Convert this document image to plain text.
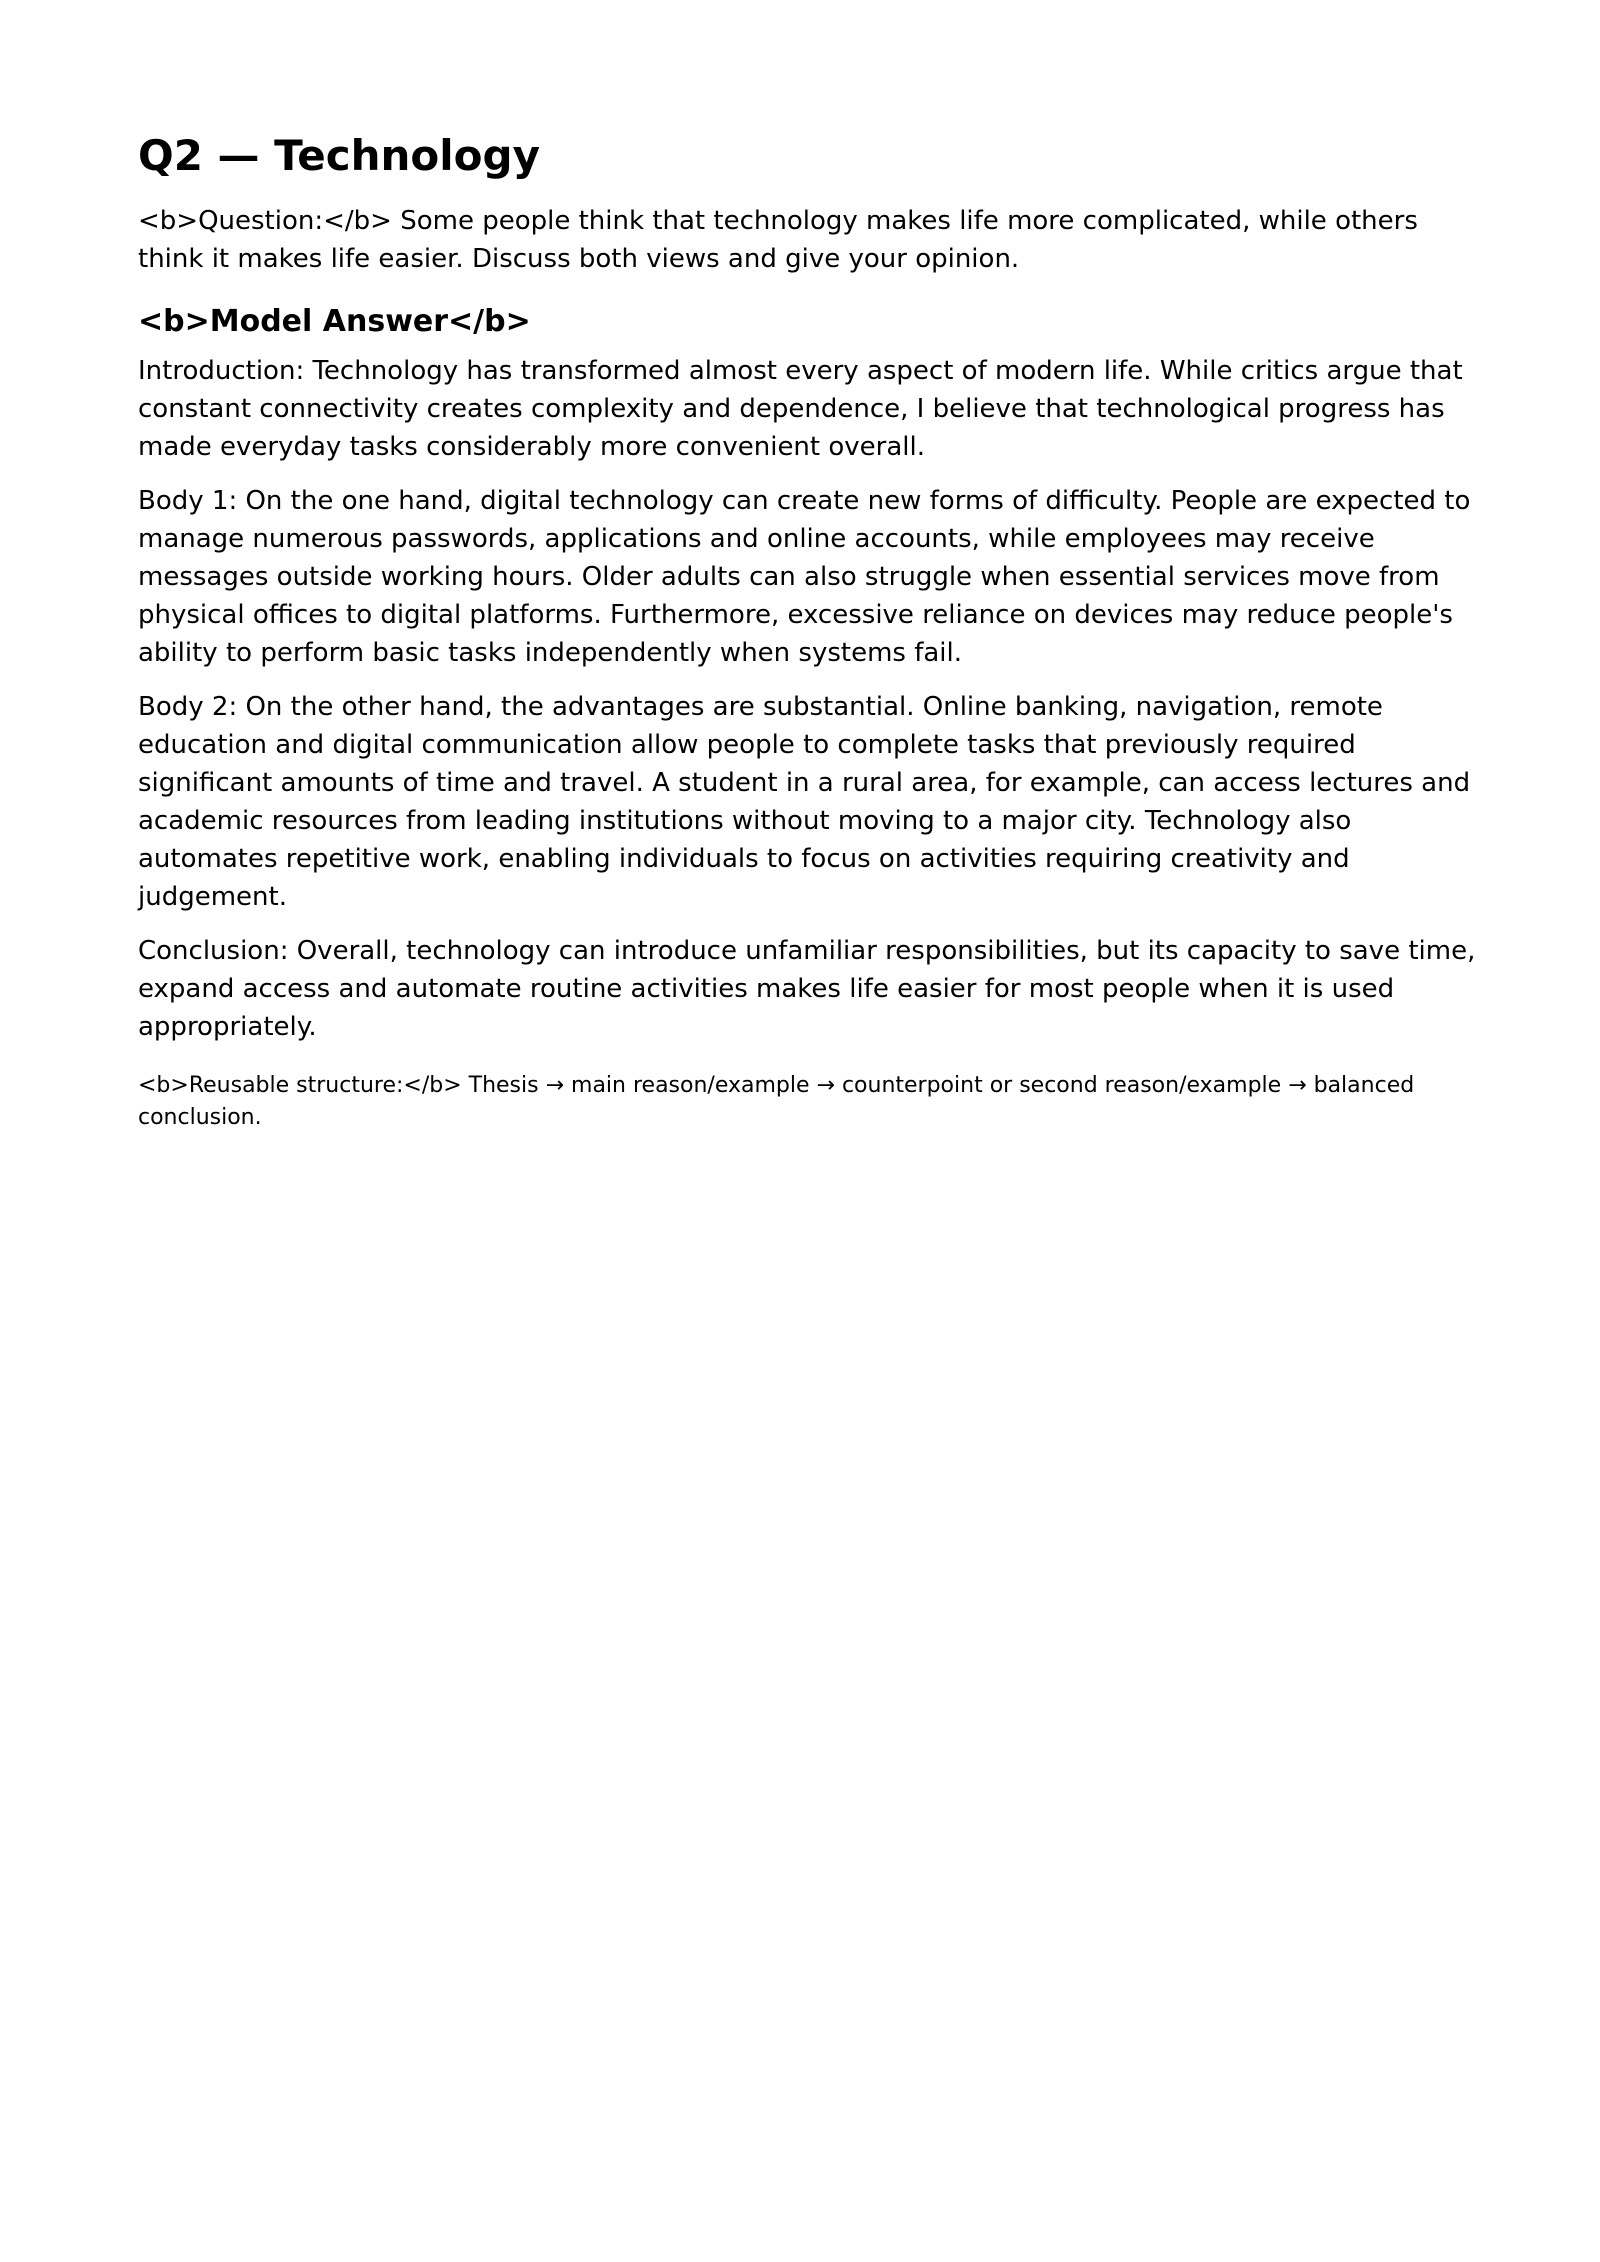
Q2 — Technology

<b>Question:</b> Some people think that technology makes life more complicated, while others think it makes life easier. Discuss both views and give your opinion.

<b>Model Answer</b>

Introduction: Technology has transformed almost every aspect of modern life. While critics argue that constant connectivity creates complexity and dependence, I believe that technological progress has made everyday tasks considerably more convenient overall.

Body 1: On the one hand, digital technology can create new forms of difficulty. People are expected to manage numerous passwords, applications and online accounts, while employees may receive messages outside working hours. Older adults can also struggle when essential services move from physical offices to digital platforms. Furthermore, excessive reliance on devices may reduce people's ability to perform basic tasks independently when systems fail.

Body 2: On the other hand, the advantages are substantial. Online banking, navigation, remote education and digital communication allow people to complete tasks that previously required significant amounts of time and travel. A student in a rural area, for example, can access lectures and academic resources from leading institutions without moving to a major city. Technology also automates repetitive work, enabling individuals to focus on activities requiring creativity and judgement.

Conclusion: Overall, technology can introduce unfamiliar responsibilities, but its capacity to save time, expand access and automate routine activities makes life easier for most people when it is used appropriately.

<b>Reusable structure:</b> Thesis → main reason/example → counterpoint or second reason/example → balanced conclusion.
